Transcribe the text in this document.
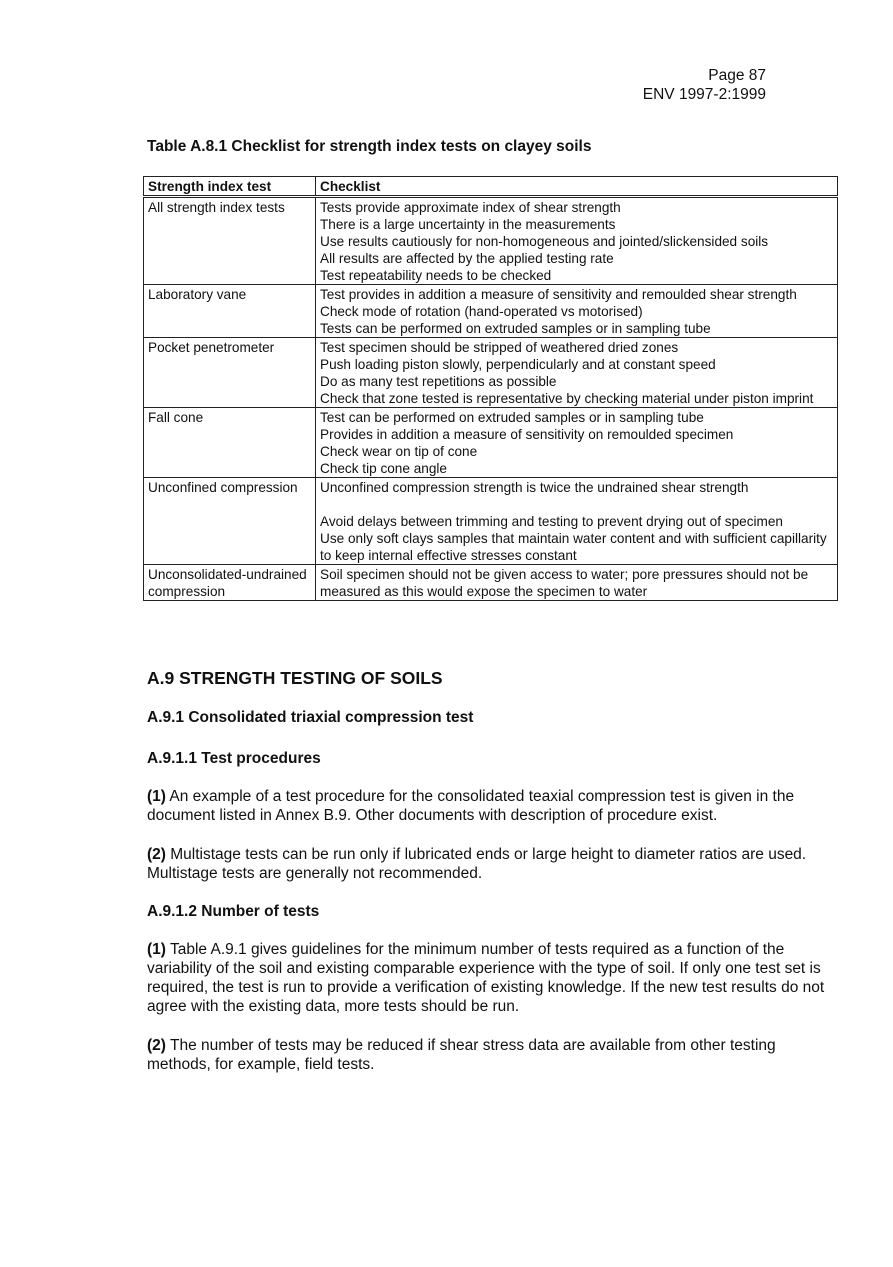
Page 87
ENV 1997-2:1999
Table A.8.1 Checklist for strength index tests on clayey soils
Strength index test	Checklist
All strength index tests	Tests provide approximate index of shear strength
There is a large uncertainty in the measurements
Use results cautiously for non-homogeneous and jointed/slickensided soils
All results are affected by the applied testing rate
Test repeatability needs to be checked

Laboratory vane	Test provides in addition a measure of sensitivity and remoulded shear strength
Check mode of rotation (hand-operated vs motorised)
Tests can be performed on extruded samples or in sampling tube

Pocket penetrometer	Test specimen should be stripped of weathered dried zones
Push loading piston slowly, perpendicularly and at constant speed
Do as many test repetitions as possible
Check that zone tested is representative by checking material under piston imprint

Fall cone	Test can be performed on extruded samples or in sampling tube
Provides in addition a measure of sensitivity on remoulded specimen
Check wear on tip of cone
Check tip cone angle

Unconfined compression	Unconfined compression strength is twice the undrained shear strength
Avoid delays between trimming and testing to prevent drying out of specimen
Use only soft clays samples that maintain water content and with sufficient capillarity to keep internal effective stresses constant

Unconsolidated-undrained compression	Soil specimen should not be given access to water; pore pressures should not be measured as this would expose the specimen to water
A.9 STRENGTH TESTING OF SOILS
A.9.1 Consolidated triaxial compression test
A.9.1.1 Test procedures

(1) An example of a test procedure for the consolidated teaxial compression test is given in the document listed in Annex B.9. Other documents with description of procedure exist.

(2) Multistage tests can be run only if lubricated ends or large height to diameter ratios are used. Multistage tests are generally not recommended.

A.9.1.2 Number of tests

(1) Table A.9.1 gives guidelines for the minimum number of tests required as a function of the variability of the soil and existing comparable experience with the type of soil. If only one test set is required, the test is run to provide a verification of existing knowledge. If the new test results do not agree with the existing data, more tests should be run.

(2) The number of tests may be reduced if shear stress data are available from other testing methods, for example, field tests.
